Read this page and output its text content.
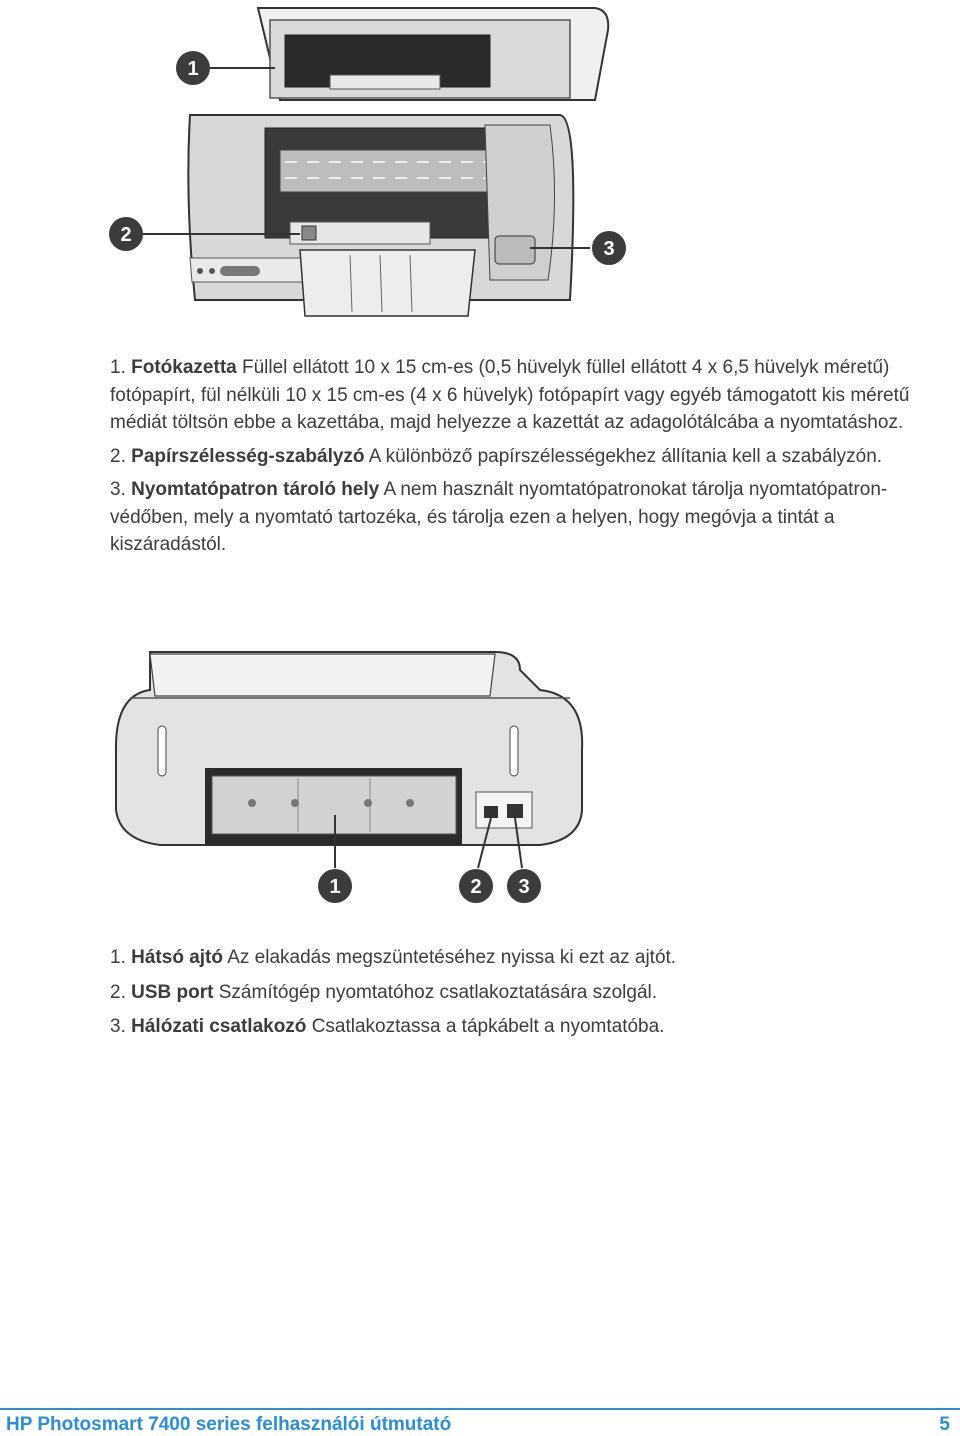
1
2
3

1. Fotókazetta Füllel ellátott 10 x 15 cm-es (0,5 hüvelyk füllel ellátott 4 x 6,5 hüvelyk méretű) fotópapírt, fül nélküli 10 x 15 cm-es (4 x 6 hüvelyk) fotópapírt vagy egyéb támogatott kis méretű médiát töltsön ebbe a kazettába, majd helyezze a kazettát az adagolótálcába a nyomtatáshoz.

2. Papírszélesség-szabályzó A különböző papírszélességekhez állítania kell a szabályzón.

3. Nyomtatópatron tároló hely A nem használt nyomtatópatronokat tárolja nyomtatópatron-védőben, mely a nyomtató tartozéka, és tárolja ezen a helyen, hogy megóvja a tintát a kiszáradástól.

1	2 3

1. Hátsó ajtó Az elakadás megszüntetéséhez nyissa ki ezt az ajtót.

2. USB port Számítógép nyomtatóhoz csatlakoztatására szolgál.

3. Hálózati csatlakozó Csatlakoztassa a tápkábelt a nyomtatóba.

HP Photosmart 7400 series felhasználói útmutató	5
